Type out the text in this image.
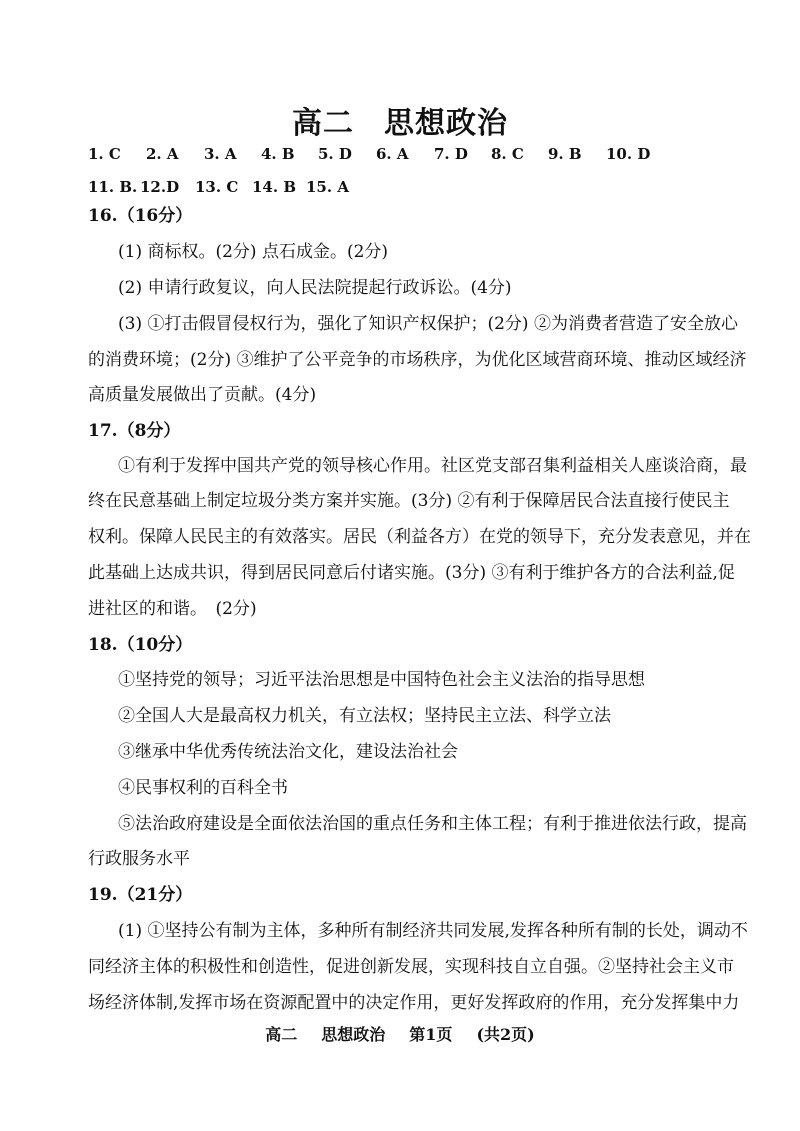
高二 思想政治
1. C 2. A 3. A 4. B 5. D 6. A 7. D 8. C 9. B 10. D
11. B. 12.D 13. C 14. B 15. A
16.（16分）
(1) 商标权。(2分) 点石成金。(2分)
(2) 申请行政复议，向人民法院提起行政诉讼。(4分)
(3) ①打击假冒侵权行为，强化了知识产权保护；(2分) ②为消费者营造了安全放心
的消费环境；(2分) ③维护了公平竞争的市场秩序，为优化区域营商环境、推动区域经济
高质量发展做出了贡献。(4分)
17.（8分）
①有利于发挥中国共产党的领导核心作用。社区党支部召集利益相关人座谈洽商，最
终在民意基础上制定垃圾分类方案并实施。(3分) ②有利于保障居民合法直接行使民主
权利。保障人民民主的有效落实。居民（利益各方）在党的领导下，充分发表意见，并在
此基础上达成共识，得到居民同意后付诸实施。(3分) ③有利于维护各方的合法利益,促
进社区的和谐。　(2分)
18.（10分）
①坚持党的领导；习近平法治思想是中国特色社会主义法治的指导思想
②全国人大是最高权力机关，有立法权；坚持民主立法、科学立法
③继承中华优秀传统法治文化，建设法治社会
④民事权利的百科全书
⑤法治政府建设是全面依法治国的重点任务和主体工程；有利于推进依法行政，提高
行政服务水平
19.（21分）
(1) ①坚持公有制为主体，多种所有制经济共同发展,发挥各种所有制的长处，调动不
同经济主体的积极性和创造性，促进创新发展，实现科技自立自强。②坚持社会主义市
场经济体制,发挥市场在资源配置中的决定作用，更好发挥政府的作用，充分发挥集中力
高二 思想政治 第1页 (共2页)
